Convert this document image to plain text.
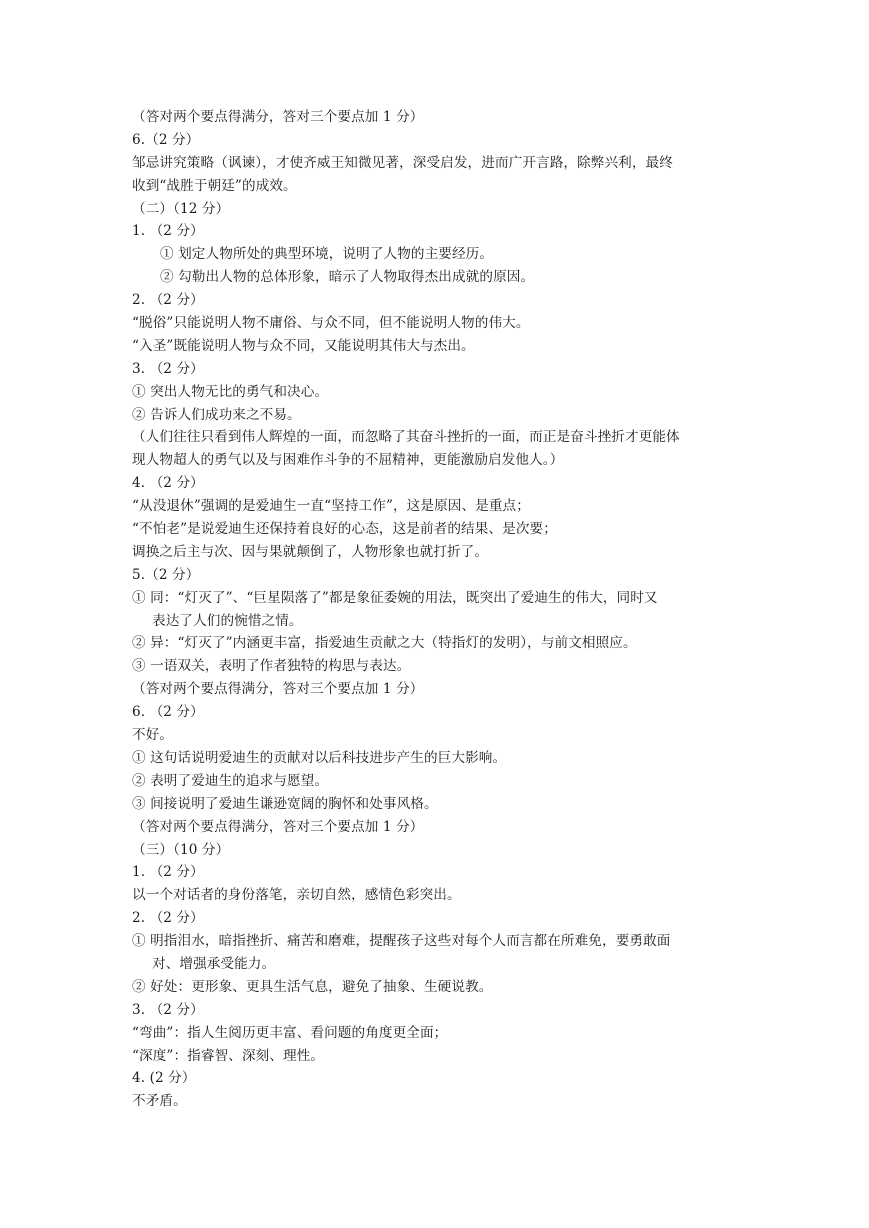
（答对两个要点得满分，答对三个要点加 1 分）
6.（2 分）
邹忌讲究策略（讽谏），才使齐威王知微见著，深受启发，进而广开言路，除弊兴利，最终
收到“战胜于朝廷”的成效。
（二）（12 分）
1. （2 分）
① 划定人物所处的典型环境，说明了人物的主要经历。
② 勾勒出人物的总体形象，暗示了人物取得杰出成就的原因。
2. （2 分）
“脱俗”只能说明人物不庸俗、与众不同，但不能说明人物的伟大。
“入圣”既能说明人物与众不同，又能说明其伟大与杰出。
3. （2 分）
① 突出人物无比的勇气和决心。
② 告诉人们成功来之不易。
（人们往往只看到伟人辉煌的一面，而忽略了其奋斗挫折的一面，而正是奋斗挫折才更能体
现人物超人的勇气以及与困难作斗争的不屈精神，更能激励启发他人。）
4. （2 分）
“从没退休”强调的是爱迪生一直“坚持工作”，这是原因、是重点；
“不怕老”是说爱迪生还保持着良好的心态，这是前者的结果、是次要；
调换之后主与次、因与果就颠倒了，人物形象也就打折了。
5.（2 分）
① 同：“灯灭了”、“巨星陨落了”都是象征委婉的用法，既突出了爱迪生的伟大，同时又
表达了人们的惋惜之情。
② 异：“灯灭了”内涵更丰富，指爱迪生贡献之大（特指灯的发明），与前文相照应。
③ 一语双关，表明了作者独特的构思与表达。
（答对两个要点得满分，答对三个要点加 1 分）
6. （2 分）
不好。
① 这句话说明爱迪生的贡献对以后科技进步产生的巨大影响。
② 表明了爱迪生的追求与愿望。
③ 间接说明了爱迪生谦逊宽阔的胸怀和处事风格。
（答对两个要点得满分，答对三个要点加 1 分）
（三）（10 分）
1. （2 分）
以一个对话者的身份落笔，亲切自然，感情色彩突出。
2. （2 分）
① 明指泪水，暗指挫折、痛苦和磨难，提醒孩子这些对每个人而言都在所难免，要勇敢面
对、增强承受能力。
② 好处：更形象、更具生活气息，避免了抽象、生硬说教。
3. （2 分）
“弯曲”：指人生阅历更丰富、看问题的角度更全面；
“深度”：指睿智、深刻、理性。
4. (2 分）
不矛盾。
